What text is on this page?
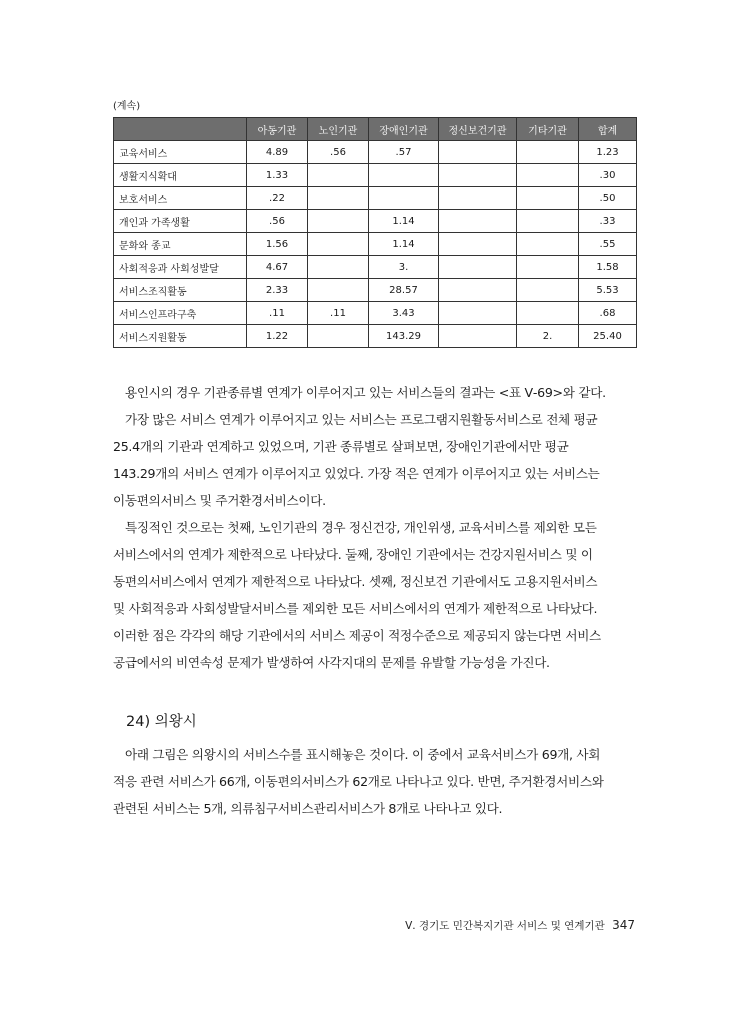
(계속)
	아동기관	노인기관	장애인기관	정신보건기관	기타기관	합계
교육서비스	4.89	.56	.57			1.23
생활지식확대	1.33					.30
보호서비스	.22					.50
개인과 가족생활	.56		1.14			.33
문화와 종교	1.56		1.14			.55
사회적응과 사회성발달	4.67		3.			1.58
서비스조직활동	2.33		28.57			5.53
서비스인프라구축	.11	.11	3.43			.68
서비스지원활동	1.22		143.29		2.	25.40

용인시의 경우 기관종류별 연계가 이루어지고 있는 서비스들의 결과는 <표 Ⅴ-69>와 같다.
가장 많은 서비스 연계가 이루어지고 있는 서비스는 프로그램지원활동서비스로 전체 평균
25.4개의 기관과 연계하고 있었으며, 기관 종류별로 살펴보면, 장애인기관에서만 평균
143.29개의 서비스 연계가 이루어지고 있었다. 가장 적은 연계가 이루어지고 있는 서비스는
이동편의서비스 및 주거환경서비스이다.

특징적인 것으로는 첫째, 노인기관의 경우 정신건강, 개인위생, 교육서비스를 제외한 모든
서비스에서의 연계가 제한적으로 나타났다. 둘째, 장애인 기관에서는 건강지원서비스 및 이
동편의서비스에서 연계가 제한적으로 나타났다. 셋째, 정신보건 기관에서도 고용지원서비스
및 사회적응과 사회성발달서비스를 제외한 모든 서비스에서의 연계가 제한적으로 나타났다.
이러한 점은 각각의 해당 기관에서의 서비스 제공이 적정수준으로 제공되지 않는다면 서비스
공급에서의 비연속성 문제가 발생하여 사각지대의 문제를 유발할 가능성을 가진다.

24) 의왕시

아래 그림은 의왕시의 서비스수를 표시해놓은 것이다. 이 중에서 교육서비스가 69개, 사회
적응 관련 서비스가 66개, 이동편의서비스가 62개로 나타나고 있다. 반면, 주거환경서비스와
관련된 서비스는 5개, 의류침구서비스관리서비스가 8개로 나타나고 있다.

Ⅴ. 경기도 민간복지기관 서비스 및 연계기관 347
